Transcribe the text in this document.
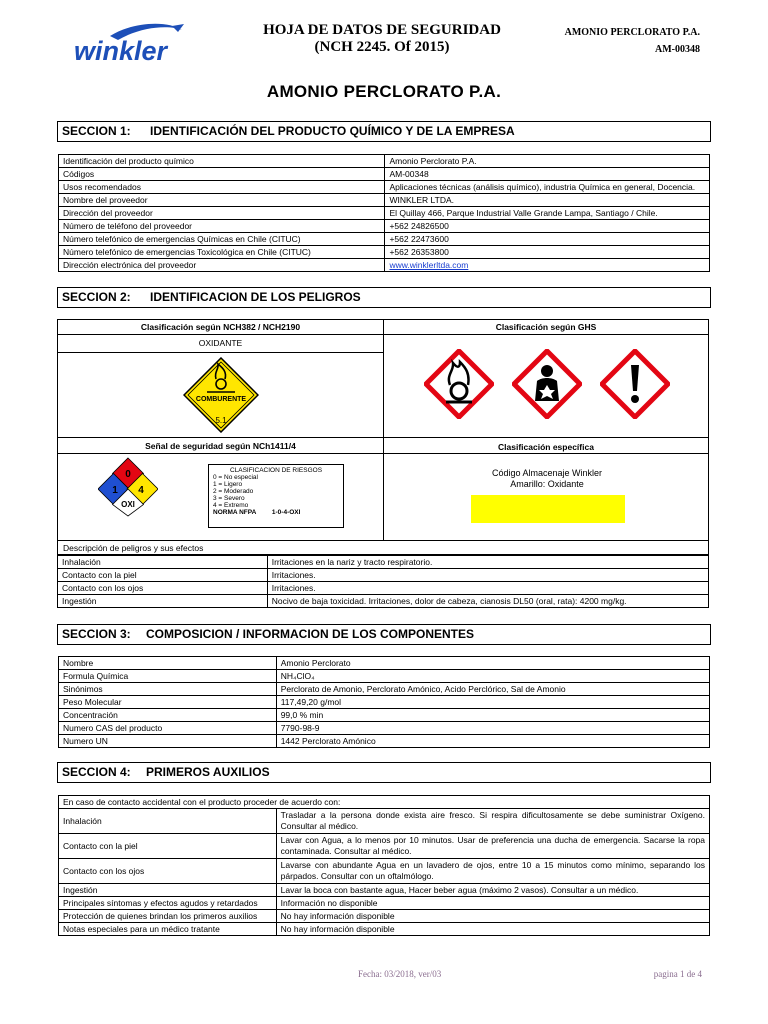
winkler
HOJA DE DATOS DE SEGURIDAD
(NCH 2245. Of 2015)
AMONIO PERCLORATO P.A.
AM-00348
AMONIO PERCLORATO P.A.
SECCION 1: IDENTIFICACIÓN DEL PRODUCTO QUÍMICO Y DE LA EMPRESA
Identificación del producto químico	Amonio Perclorato P.A.
Códigos	AM-00348
Usos recomendados	Aplicaciones técnicas (análisis químico), industria Química en general, Docencia.
Nombre del proveedor	WINKLER LTDA.
Dirección del proveedor	El Quillay 466, Parque Industrial Valle Grande Lampa, Santiago / Chile.
Número de teléfono del proveedor	+562 24826500
Número telefónico de emergencias Químicas en Chile (CITUC)	+562 22473600
Número telefónico de emergencias Toxicológica en Chile (CITUC)	+562 26353800
Dirección electrónica del proveedor	www.winklerltda.com
SECCION 2: IDENTIFICACION DE LOS PELIGROS
Clasificación según NCH382 / NCH2190
OXIDANTE
COMBURENTE
5.1
Señal de seguridad según NCh1411/4
0
1 4
OXI
CLASIFICACION DE RIESGOS
0 = No especial
1 = Ligero
2 = Moderado
3 = Severo
4 = Extremo
NORMA NFPA 1-0-4-OXI
Clasificación según GHS
Clasificación específica
Código Almacenaje Winkler
Amarillo: Oxidante
Descripción de peligros y sus efectos
Inhalación	Irritaciones en la nariz y tracto respiratorio.
Contacto con la piel	Irritaciones.
Contacto con los ojos	Irritaciones.
Ingestión	Nocivo de baja toxicidad. Irritaciones, dolor de cabeza, cianosis DL50 (oral, rata): 4200 mg/kg.
SECCION 3: COMPOSICION / INFORMACION DE LOS COMPONENTES
Nombre	Amonio Perclorato
Formula Química	NH₄ClO₄
Sinónimos	Perclorato de Amonio, Perclorato Amónico, Acido Perclórico, Sal de Amonio
Peso Molecular	117,49,20 g/mol
Concentración	99,0 % min
Numero CAS del producto	7790-98-9
Numero UN	1442 Perclorato Amónico
SECCION 4: PRIMEROS AUXILIOS
En caso de contacto accidental con el producto proceder de acuerdo con:	
Inhalación	Trasladar a la persona donde exista aire fresco. Si respira dificultosamente se debe suministrar Oxígeno. Consultar al médico.
Contacto con la piel	Lavar con Agua, a lo menos por 10 minutos. Usar de preferencia una ducha de emergencia. Sacarse la ropa contaminada. Consultar al médico.
Contacto con los ojos	Lavarse con abundante Agua en un lavadero de ojos, entre 10 a 15 minutos como mínimo, separando los párpados. Consultar con un oftalmólogo.
Ingestión	Lavar la boca con bastante agua, Hacer beber agua (máximo 2 vasos). Consultar a un médico.
Principales síntomas y efectos agudos y retardados	Información no disponible
Protección de quienes brindan los primeros auxilios	No hay información disponible
Notas especiales para un médico tratante	No hay información disponible
Fecha: 03/2018, ver/03	pagina 1 de 4
